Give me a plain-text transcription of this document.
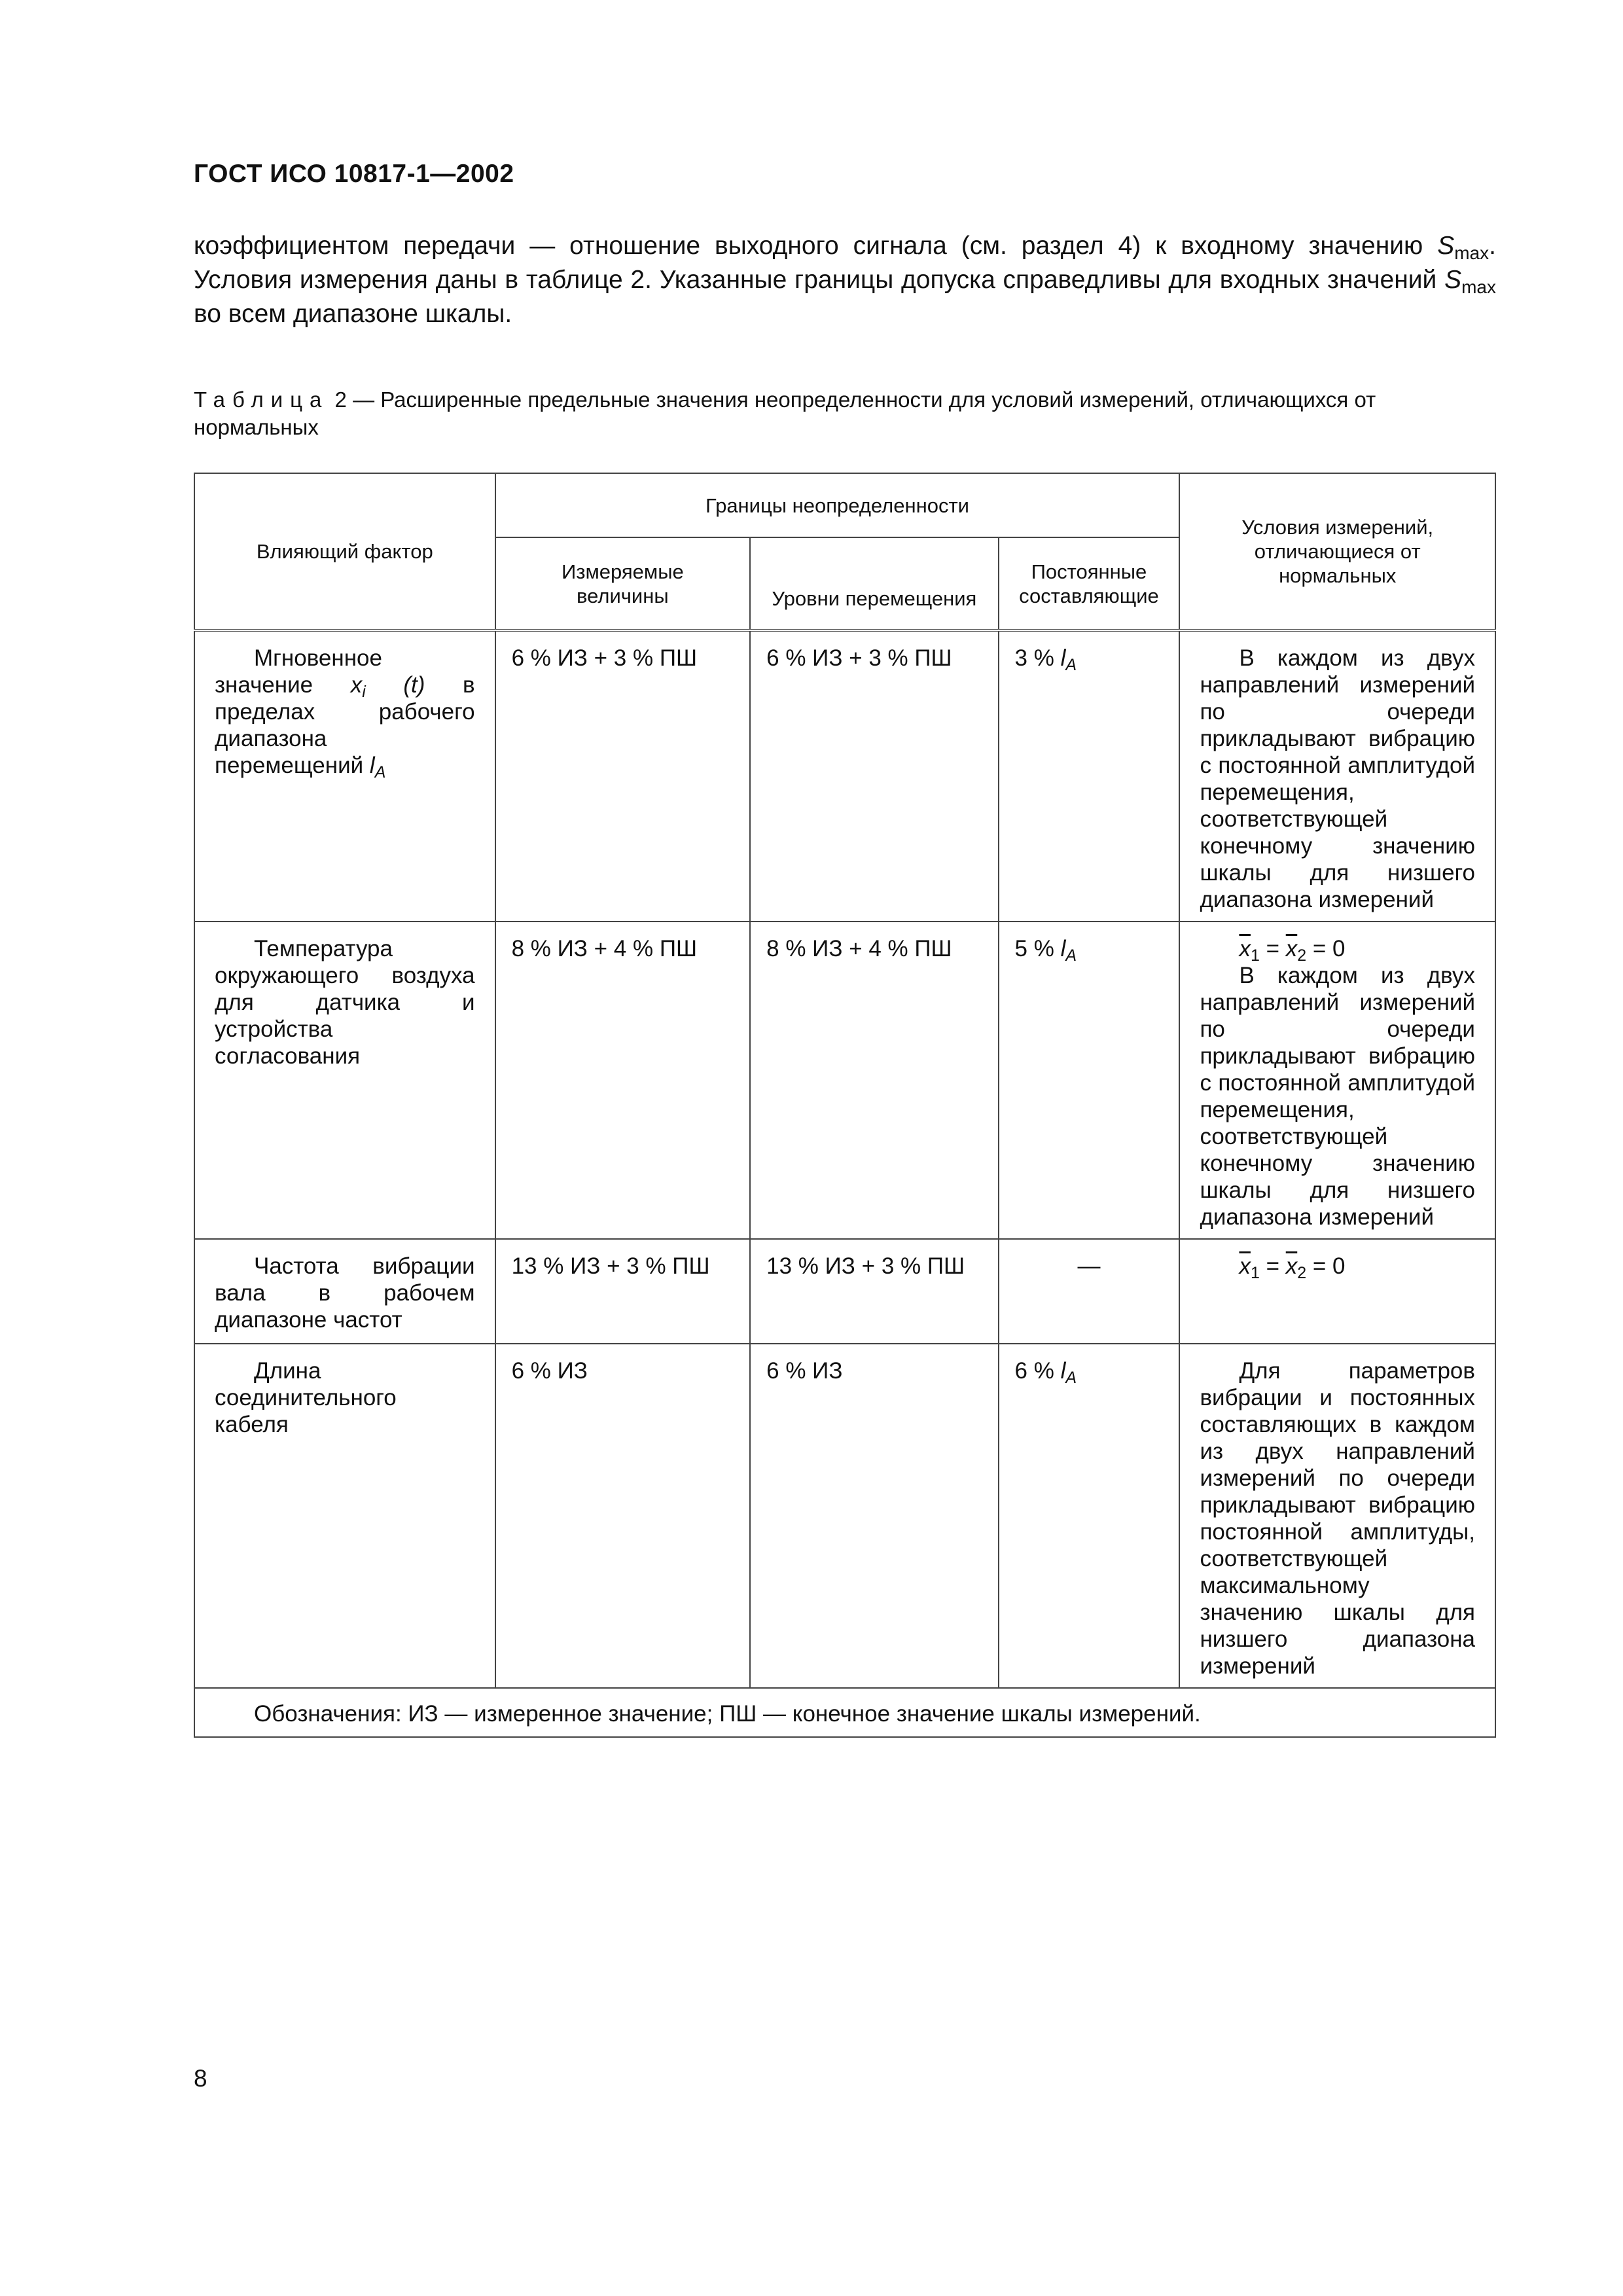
ГОСТ ИСО 10817-1—2002
коэффициентом передачи — отношение выходного сигнала (см. раздел 4) к входному значению $S_{max}$. Условия измерения даны в таблице 2. Указанные границы допуска справедливы для входных значений $S_{max}$ во всем диапазоне шкалы.
Таблица 2 — Расширенные предельные значения неопределенности для условий измерений, отличающихся от нормальных
Влияющий фактор	Границы неопределенности			Условия измерений, отличающиеся от нормальных
	Измеряемые величины	Уровни перемещения	Постоянные составляющие	
Мгновенное значение $x_i$ (t) в пределах рабочего диапазона перемещений $l_A$	6 % ИЗ + 3 % ПШ	6 % ИЗ + 3 % ПШ	3 % $l_A$	В каждом из двух направлений измерений по очереди прикладывают вибрацию с постоянной амплитудой перемещения, соответствующей конечному значению шкалы для низшего диапазона измерений

Температура окружающего воздуха для датчика и устройства согласования	8 % ИЗ + 4 % ПШ	8 % ИЗ + 4 % ПШ	5 % $l_A$	$\overline{x}_1 = \overline{x}_2 = 0$
В каждом из двух направлений измерений по очереди прикладывают вибрацию с постоянной амплитудой перемещения, соответствующей конечному значению шкалы для низшего диапазона измерений

Частота вибрации вала в рабочем диапазоне частот	13 % ИЗ + 3 % ПШ	13 % ИЗ + 3 % ПШ	—	$\overline{x}_1 = \overline{x}_2 = 0$

Длина соединительного кабеля	6 % ИЗ	6 % ИЗ	6 % $l_A$	Для параметров вибрации и постоянных составляющих в каждом из двух направлений измерений по очереди прикладывают вибрацию постоянной амплитуды, соответствующей максимальному значению шкалы для низшего диапазона измерений

Обозначения: ИЗ — измеренное значение; ПШ — конечное значение шкалы измерений.				
8
